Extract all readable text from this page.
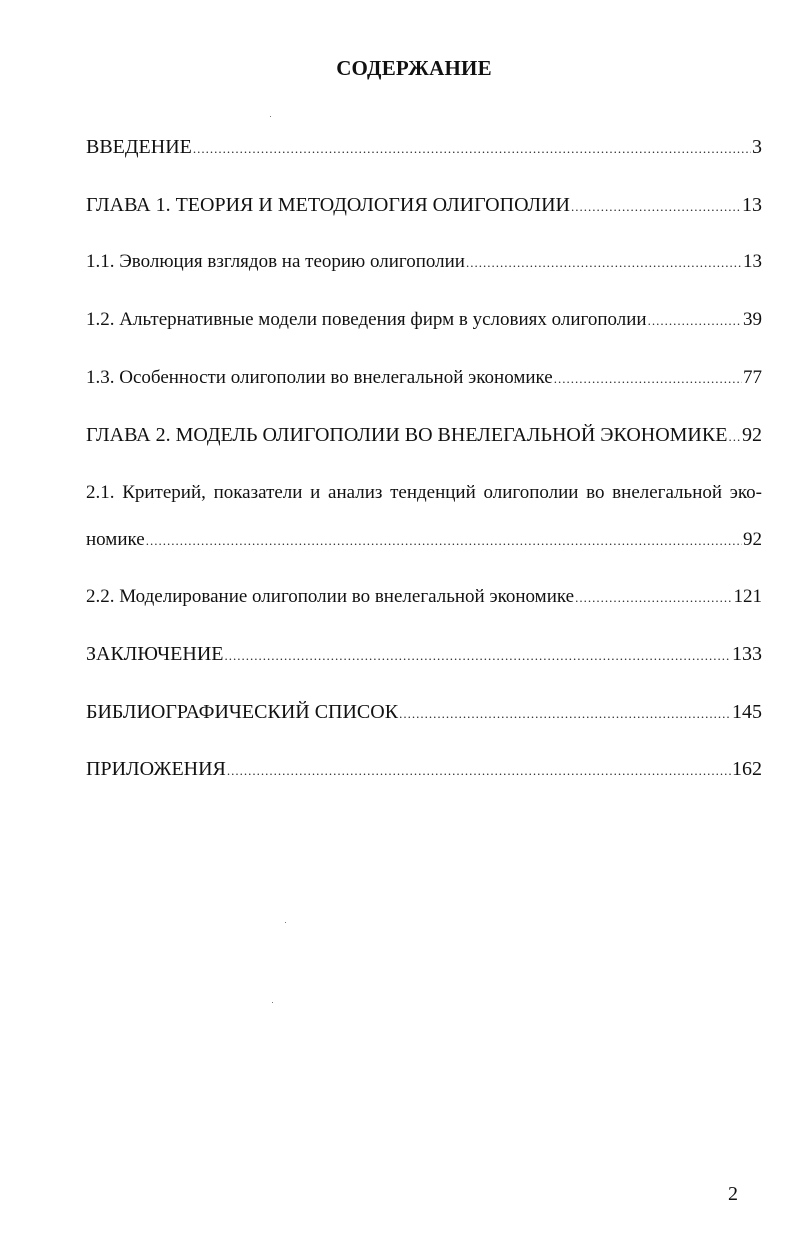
СОДЕРЖАНИЕ
ВВЕДЕНИЕ .....	3
ГЛАВА 1. ТЕОРИЯ И МЕТОДОЛОГИЯ ОЛИГОПОЛИИ .....	13
1.1. Эволюция взглядов на теорию олигополии .....	13
1.2. Альтернативные модели поведения фирм в условиях олигополии .....	39
1.3. Особенности олигополии во внелегальной экономике .....	77
ГЛАВА 2. МОДЕЛЬ ОЛИГОПОЛИИ ВО ВНЕЛЕГАЛЬНОЙ ЭКОНОМИКЕ ..... 92
2.1. Критерий, показатели и анализ тенденций олигополии во внелегальной эко-
номике .....	92
2.2. Моделирование олигополии во внелегальной экономике .....	121
ЗАКЛЮЧЕНИЕ .....	133
БИБЛИОГРАФИЧЕСКИЙ СПИСОК .....	145
ПРИЛОЖЕНИЯ .....	162
2
